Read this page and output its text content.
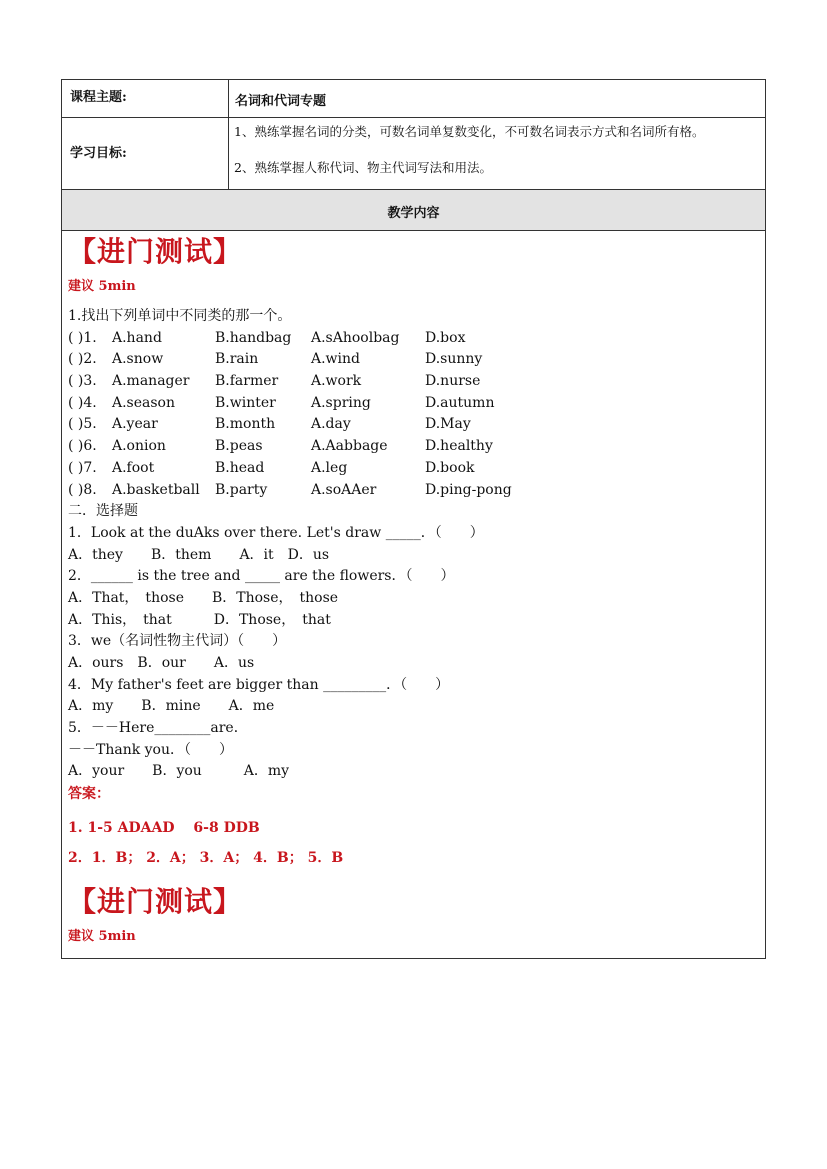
课程主题:	名词和代词专题
学习目标:
1、熟练掌握名词的分类，可数名词单复数变化，不可数名词表示方式和名词所有格。
2、熟练掌握人称代词、物主代词写法和用法。
教学内容
【进门测试】
建议 5min
1.找出下列单词中不同类的那一个。
( )1. A.hand	B.handbag A.sAhoolbag D.box
( )2. A.snow	B.rain	A.wind	D.sunny
( )3. A.manager B.farmer A.work	D.nurse
( )4. A.season	B.winter	A.spring	D.autumn
( )5. A.year	B.month	A.day	D.May
( )6. A.onion	B.peas	A.Aabbage	D.healthy
( )7. A.foot	B.head	A.leg	D.book
( )8. A.basketball B.party	A.soAAer	D.ping-pong
二．选择题
1．Look at the duAks over there. Let's draw _____．（　　）
A．they　　B．them　　A．it　D．us
2．______ is the tree and _____ are the flowers．（　　）
A．That，　those　　B．Those，　those
A．This，　that　　　D．Those，　that
3．we（名词性物主代词）（　　）
A．ours　B．our　　A．us
4．My father's feet are bigger than _________．（　　）
A．my　　B．mine　　A．me
5．－－Here________are．
－－Thank you．（　　）
A．your　　B．you　　　A．my
答案：
1. 1-5 ADAAD　 6-8 DDB
2．1．B； 2．A； 3．A； 4．B； 5．B
【进门测试】
建议 5min
